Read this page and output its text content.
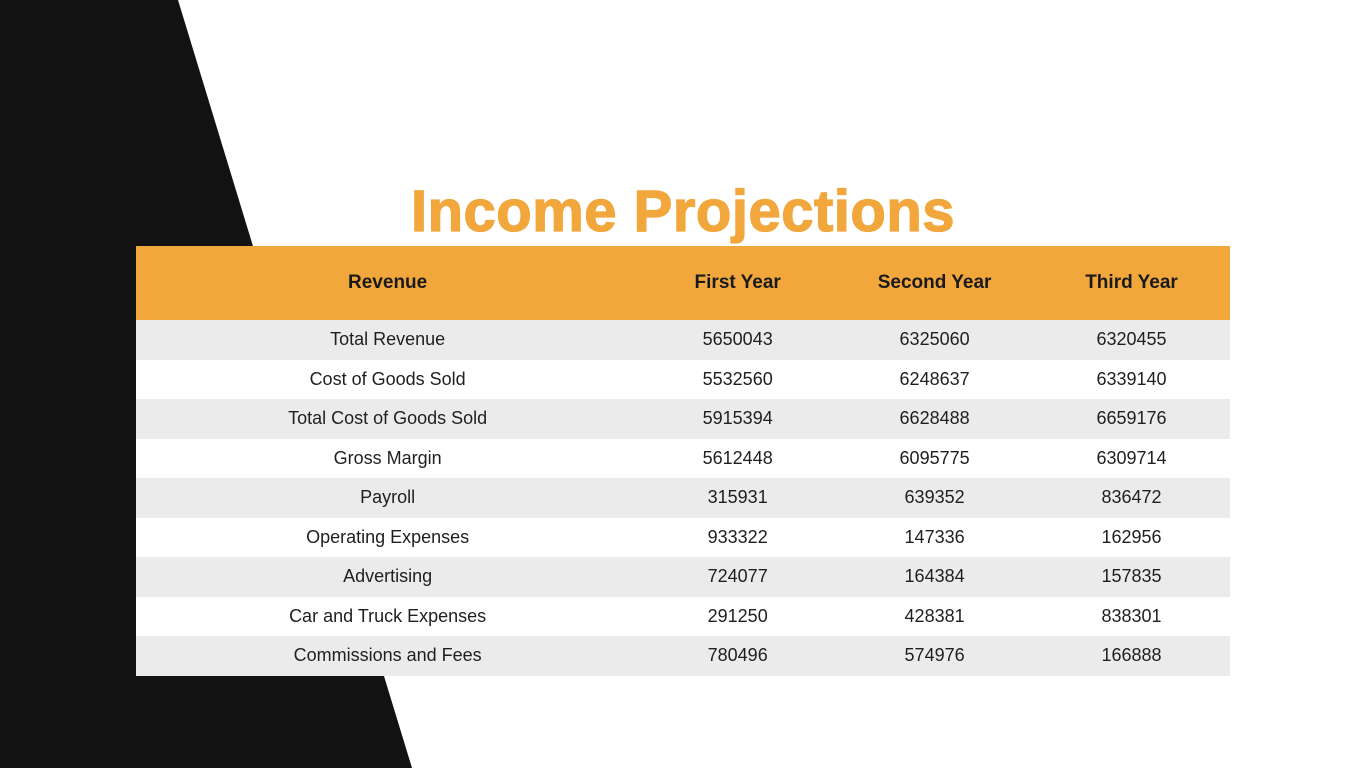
Income Projections
Revenue	First Year	Second Year	Third Year
Total Revenue	5650043	6325060	6320455
Cost of Goods Sold	5532560	6248637	6339140
Total Cost of Goods Sold	5915394	6628488	6659176
Gross Margin	5612448	6095775	6309714
Payroll	315931	639352	836472
Operating Expenses	933322	147336	162956
Advertising	724077	164384	157835
Car and Truck Expenses	291250	428381	838301
Commissions and Fees	780496	574976	166888
